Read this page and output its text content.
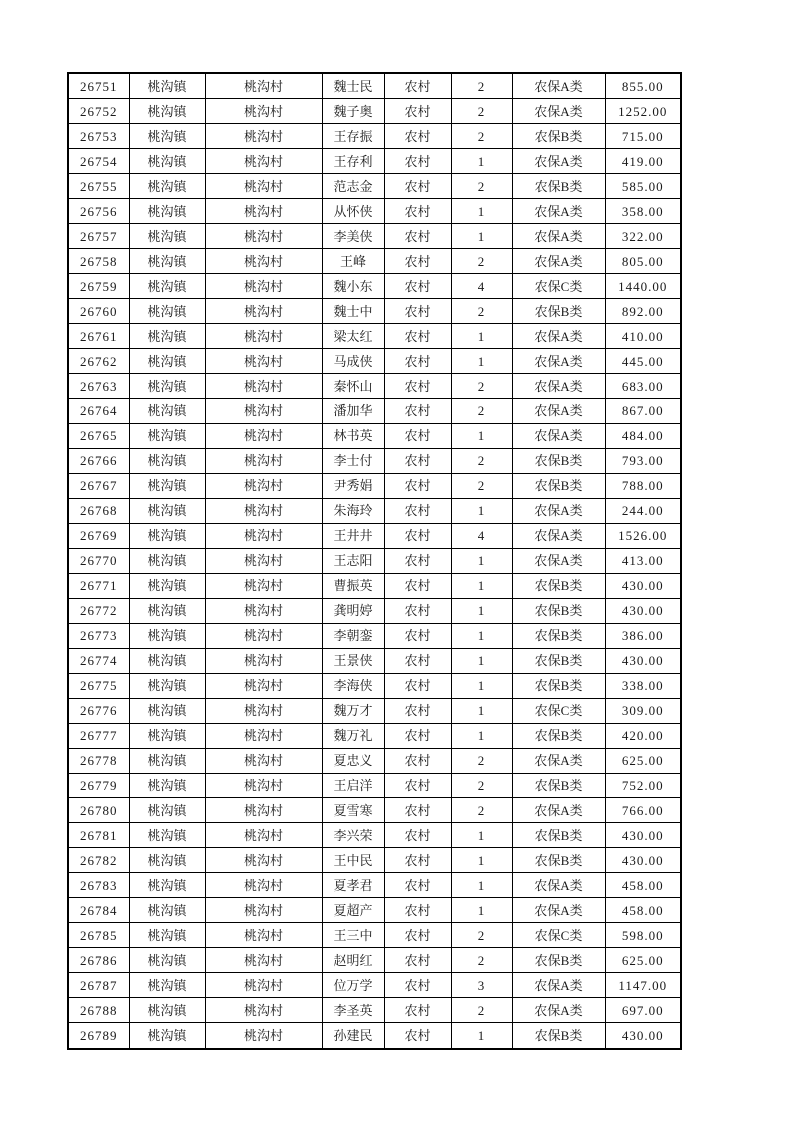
26751	桃沟镇	桃沟村	魏士民	农村	2	农保A类	855.00
26752	桃沟镇	桃沟村	魏子奥	农村	2	农保A类	1252.00
26753	桃沟镇	桃沟村	王存振	农村	2	农保B类	715.00
26754	桃沟镇	桃沟村	王存利	农村	1	农保A类	419.00
26755	桃沟镇	桃沟村	范志金	农村	2	农保B类	585.00
26756	桃沟镇	桃沟村	从怀侠	农村	1	农保A类	358.00
26757	桃沟镇	桃沟村	李美侠	农村	1	农保A类	322.00
26758	桃沟镇	桃沟村	王峰	农村	2	农保A类	805.00
26759	桃沟镇	桃沟村	魏小东	农村	4	农保C类	1440.00
26760	桃沟镇	桃沟村	魏士中	农村	2	农保B类	892.00
26761	桃沟镇	桃沟村	梁太红	农村	1	农保A类	410.00
26762	桃沟镇	桃沟村	马成侠	农村	1	农保A类	445.00
26763	桃沟镇	桃沟村	秦怀山	农村	2	农保A类	683.00
26764	桃沟镇	桃沟村	潘加华	农村	2	农保A类	867.00
26765	桃沟镇	桃沟村	林书英	农村	1	农保A类	484.00
26766	桃沟镇	桃沟村	李士付	农村	2	农保B类	793.00
26767	桃沟镇	桃沟村	尹秀娟	农村	2	农保B类	788.00
26768	桃沟镇	桃沟村	朱海玲	农村	1	农保A类	244.00
26769	桃沟镇	桃沟村	王井井	农村	4	农保A类	1526.00
26770	桃沟镇	桃沟村	王志阳	农村	1	农保A类	413.00
26771	桃沟镇	桃沟村	曹振英	农村	1	农保B类	430.00
26772	桃沟镇	桃沟村	龚明婷	农村	1	农保B类	430.00
26773	桃沟镇	桃沟村	李朝銮	农村	1	农保B类	386.00
26774	桃沟镇	桃沟村	王景侠	农村	1	农保B类	430.00
26775	桃沟镇	桃沟村	李海侠	农村	1	农保B类	338.00
26776	桃沟镇	桃沟村	魏万才	农村	1	农保C类	309.00
26777	桃沟镇	桃沟村	魏万礼	农村	1	农保B类	420.00
26778	桃沟镇	桃沟村	夏忠义	农村	2	农保A类	625.00
26779	桃沟镇	桃沟村	王启洋	农村	2	农保B类	752.00
26780	桃沟镇	桃沟村	夏雪寒	农村	2	农保A类	766.00
26781	桃沟镇	桃沟村	李兴荣	农村	1	农保B类	430.00
26782	桃沟镇	桃沟村	王中民	农村	1	农保B类	430.00
26783	桃沟镇	桃沟村	夏孝君	农村	1	农保A类	458.00
26784	桃沟镇	桃沟村	夏超产	农村	1	农保A类	458.00
26785	桃沟镇	桃沟村	王三中	农村	2	农保C类	598.00
26786	桃沟镇	桃沟村	赵明红	农村	2	农保B类	625.00
26787	桃沟镇	桃沟村	位万学	农村	3	农保A类	1147.00
26788	桃沟镇	桃沟村	李圣英	农村	2	农保A类	697.00
26789	桃沟镇	桃沟村	孙建民	农村	1	农保B类	430.00
